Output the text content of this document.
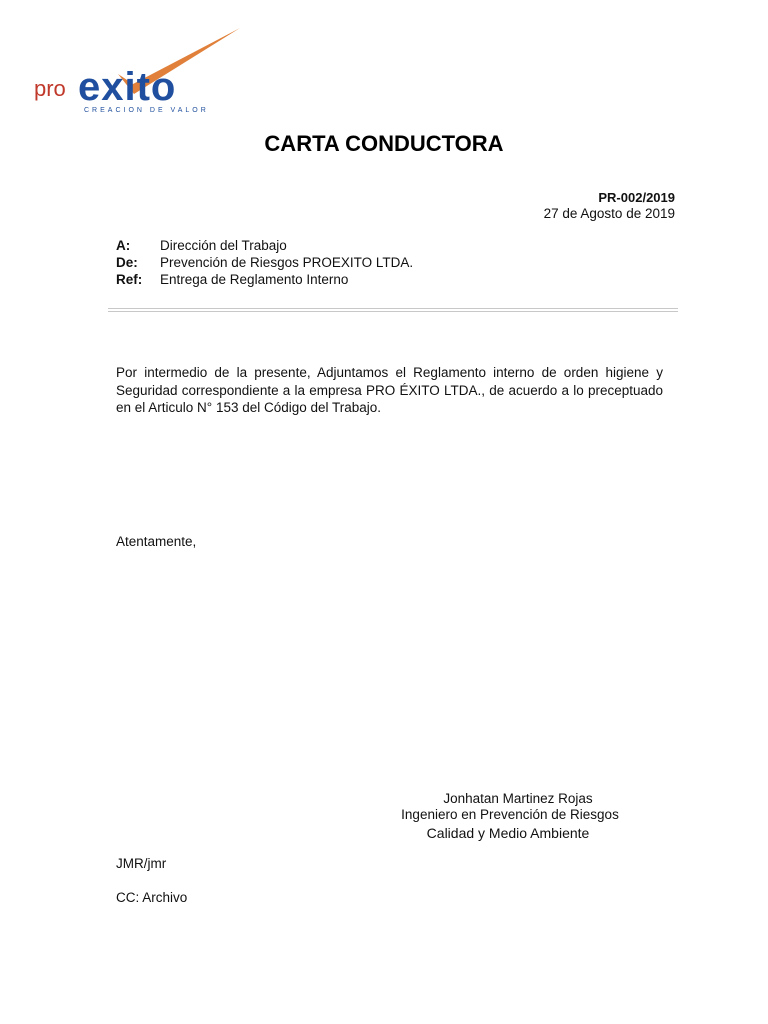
pro exito
CREACION DE VALOR
CARTA CONDUCTORA
PR-002/2019
27 de Agosto de 2019
A: Dirección del Trabajo
De: Prevención de Riesgos PROEXITO LTDA.
Ref: Entrega de Reglamento Interno
Por intermedio de la presente, Adjuntamos el Reglamento interno de orden higiene y Seguridad correspondiente a la empresa PRO ÉXITO LTDA., de acuerdo a lo preceptuado en el Articulo N° 153 del Código del Trabajo.
Atentamente,
Jonhatan Martinez Rojas
Ingeniero en Prevención de Riesgos
Calidad y Medio Ambiente
JMR/jmr
CC: Archivo
